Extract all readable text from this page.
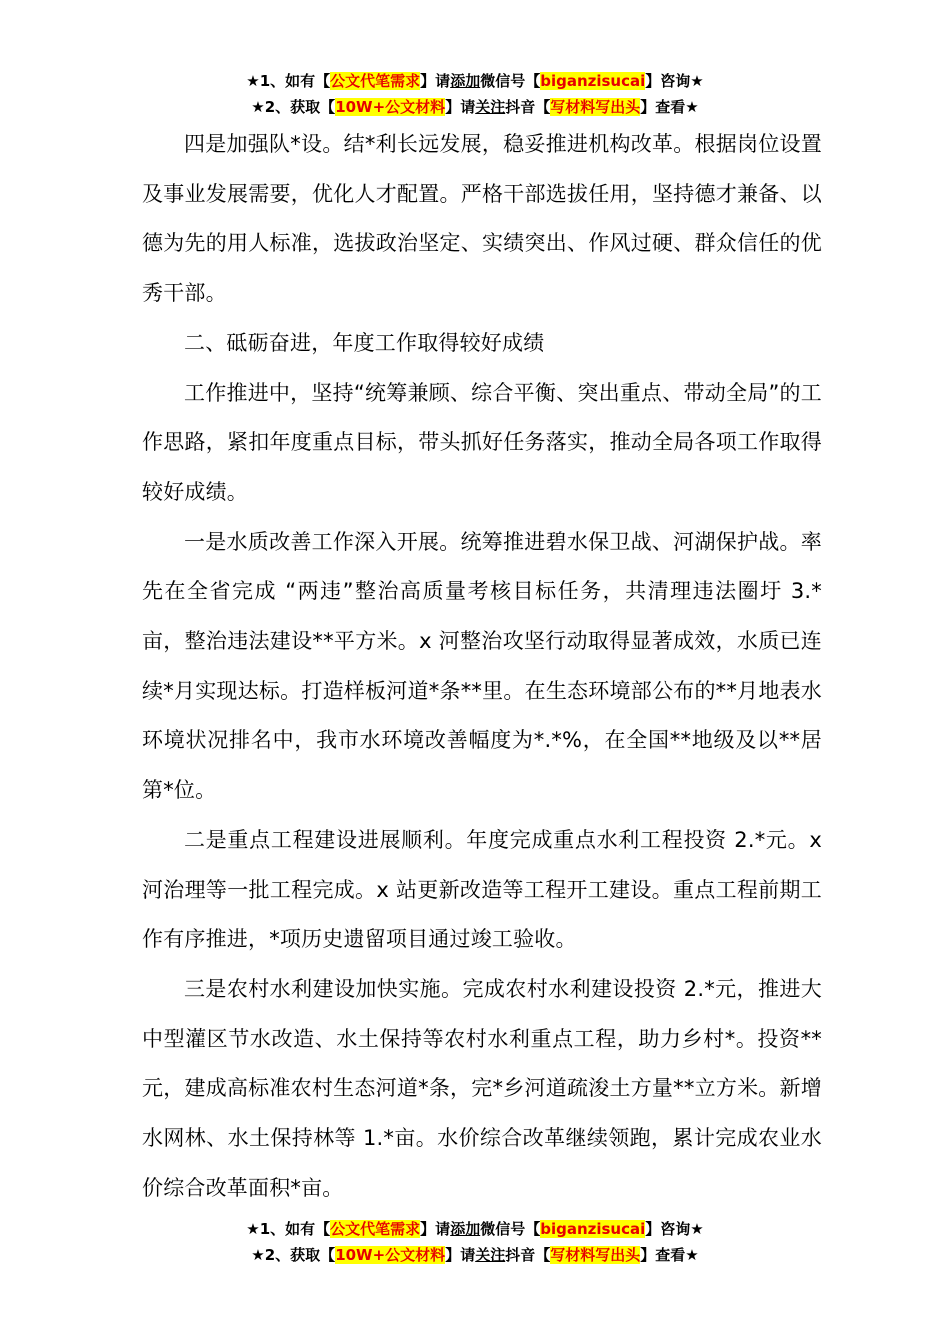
★1、如有【公文代笔需求】请添加微信号【biganzisucai】咨询★
★2、获取【10W+公文材料】请关注抖音【写材料写出头】查看★

四是加强队*设。结*利长远发展，稳妥推进机构改革。根据岗位设置及事业发展需要，优化人才配置。严格干部选拔任用，坚持德才兼备、以德为先的用人标准，选拔政治坚定、实绩突出、作风过硬、群众信任的优秀干部。

二、砥砺奋进，年度工作取得较好成绩

工作推进中，坚持“统筹兼顾、综合平衡、突出重点、带动全局”的工作思路，紧扣年度重点目标，带头抓好任务落实，推动全局各项工作取得较好成绩。

一是水质改善工作深入开展。统筹推进碧水保卫战、河湖保护战。率先在全省完成 “两违”整治高质量考核目标任务，共清理违法圈圩 3.*亩，整治违法建设**平方米。x 河整治攻坚行动取得显著成效，水质已连续*月实现达标。打造样板河道*条**里。在生态环境部公布的**月地表水环境状况排名中，我市水环境改善幅度为*.*%，在全国**地级及以**居第*位。

二是重点工程建设进展顺利。年度完成重点水利工程投资 2.*元。x 河治理等一批工程完成。x 站更新改造等工程开工建设。重点工程前期工作有序推进，*项历史遗留项目通过竣工验收。

三是农村水利建设加快实施。完成农村水利建设投资 2.*元，推进大中型灌区节水改造、水土保持等农村水利重点工程，助力乡村*。投资**元，建成高标准农村生态河道*条，完*乡河道疏浚土方量**立方米。新增水网林、水土保持林等 1.*亩。水价综合改革继续领跑，累计完成农业水价综合改革面积*亩。

★1、如有【公文代笔需求】请添加微信号【biganzisucai】咨询★
★2、获取【10W+公文材料】请关注抖音【写材料写出头】查看★
